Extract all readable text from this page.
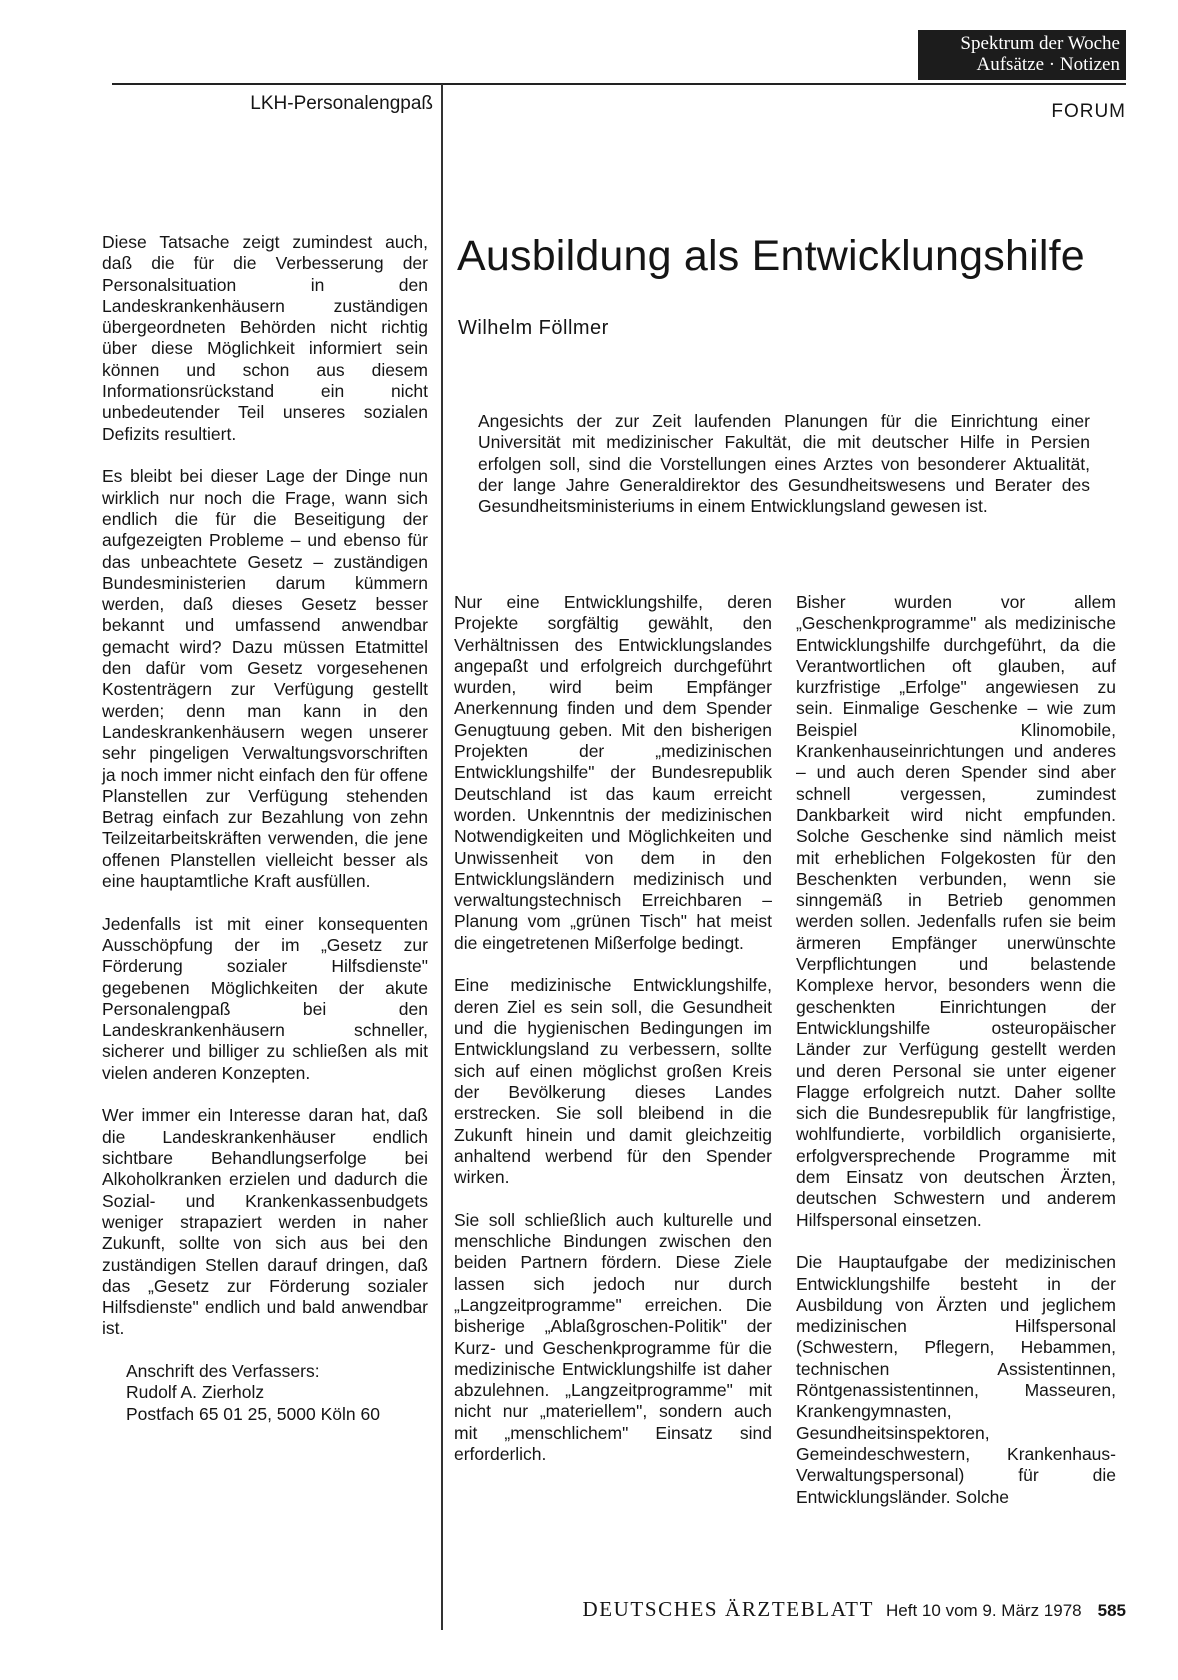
Spektrum der Woche
Aufsätze · Notizen
LKH-Personalengpaß	FORUM
Ausbildung als Entwicklungshilfe
Wilhelm Föllmer
Angesichts der zur Zeit laufenden Planungen für die Einrichtung einer Universität mit medizinischer Fakultät, die mit deutscher Hilfe in Persien erfolgen soll, sind die Vorstellungen eines Arztes von besonderer Aktualität, der lange Jahre Generaldirektor des Gesundheitswesens und Berater des Gesundheitsministeriums in einem Entwicklungsland gewesen ist.

Diese Tatsache zeigt zumindest auch, daß die für die Verbesserung der Personalsituation in den Landeskrankenhäusern zuständigen übergeordneten Behörden nicht richtig über diese Möglichkeit informiert sein können und schon aus diesem Informationsrückstand ein nicht unbedeutender Teil unseres sozialen Defizits resultiert.

Es bleibt bei dieser Lage der Dinge nun wirklich nur noch die Frage, wann sich endlich die für die Beseitigung der aufgezeigten Probleme – und ebenso für das unbeachtete Gesetz – zuständigen Bundesministerien darum kümmern werden, daß dieses Gesetz besser bekannt und umfassend anwendbar gemacht wird? Dazu müssen Etatmittel den dafür vom Gesetz vorgesehenen Kostenträgern zur Verfügung gestellt werden; denn man kann in den Landeskrankenhäusern wegen unserer sehr pingeligen Verwaltungsvorschriften ja noch immer nicht einfach den für offene Planstellen zur Verfügung stehenden Betrag einfach zur Bezahlung von zehn Teilzeitarbeitskräften verwenden, die jene offenen Planstellen vielleicht besser als eine hauptamtliche Kraft ausfüllen.

Jedenfalls ist mit einer konsequenten Ausschöpfung der im „Gesetz zur Förderung sozialer Hilfsdienste" gegebenen Möglichkeiten der akute Personalengpaß bei den Landeskrankenhäusern schneller, sicherer und billiger zu schließen als mit vielen anderen Konzepten.

Wer immer ein Interesse daran hat, daß die Landeskrankenhäuser endlich sichtbare Behandlungserfolge bei Alkoholkranken erzielen und dadurch die Sozial- und Krankenkassenbudgets weniger strapaziert werden in naher Zukunft, sollte von sich aus bei den zuständigen Stellen darauf dringen, daß das „Gesetz zur Förderung sozialer Hilfsdienste" endlich und bald anwendbar ist.

Anschrift des Verfassers:
Rudolf A. Zierholz
Postfach 65 01 25, 5000 Köln 60

Nur eine Entwicklungshilfe, deren Projekte sorgfältig gewählt, den Verhältnissen des Entwicklungslandes angepaßt und erfolgreich durchgeführt wurden, wird beim Empfänger Anerkennung finden und dem Spender Genugtuung geben. Mit den bisherigen Projekten der „medizinischen Entwicklungshilfe" der Bundesrepublik Deutschland ist das kaum erreicht worden. Unkenntnis der medizinischen Notwendigkeiten und Möglichkeiten und Unwissenheit von dem in den Entwicklungsländern medizinisch und verwaltungstechnisch Erreichbaren – Planung vom „grünen Tisch" hat meist die eingetretenen Mißerfolge bedingt.

Eine medizinische Entwicklungshilfe, deren Ziel es sein soll, die Gesundheit und die hygienischen Bedingungen im Entwicklungsland zu verbessern, sollte sich auf einen möglichst großen Kreis der Bevölkerung dieses Landes erstrecken. Sie soll bleibend in die Zukunft hinein und damit gleichzeitig anhaltend werbend für den Spender wirken.

Sie soll schließlich auch kulturelle und menschliche Bindungen zwischen den beiden Partnern fördern. Diese Ziele lassen sich jedoch nur durch „Langzeitprogramme" erreichen. Die bisherige „Ablaßgroschen-Politik" der Kurz- und Geschenkprogramme für die medizinische Entwicklungshilfe ist daher abzulehnen. „Langzeitprogramme" mit nicht nur „materiellem", sondern auch mit „menschlichem" Einsatz sind erforderlich.

Bisher wurden vor allem „Geschenkprogramme" als medizinische Entwicklungshilfe durchgeführt, da die Verantwortlichen oft glauben, auf kurzfristige „Erfolge" angewiesen zu sein. Einmalige Geschenke – wie zum Beispiel Klinomobile, Krankenhauseinrichtungen und anderes – und auch deren Spender sind aber schnell vergessen, zumindest Dankbarkeit wird nicht empfunden. Solche Geschenke sind nämlich meist mit erheblichen Folgekosten für den Beschenkten verbunden, wenn sie sinngemäß in Betrieb genommen werden sollen. Jedenfalls rufen sie beim ärmeren Empfänger unerwünschte Verpflichtungen und belastende Komplexe hervor, besonders wenn die geschenkten Einrichtungen der Entwicklungshilfe osteuropäischer Länder zur Verfügung gestellt werden und deren Personal sie unter eigener Flagge erfolgreich nutzt. Daher sollte sich die Bundesrepublik für langfristige, wohlfundierte, vorbildlich organisierte, erfolgversprechende Programme mit dem Einsatz von deutschen Ärzten, deutschen Schwestern und anderem Hilfspersonal einsetzen.

Die Hauptaufgabe der medizinischen Entwicklungshilfe besteht in der Ausbildung von Ärzten und jeglichem medizinischen Hilfspersonal (Schwestern, Pflegern, Hebammen, technischen Assistentinnen, Röntgenassistentinnen, Masseuren, Krankengymnasten, Gesundheitsinspektoren, Gemeindeschwestern, Krankenhaus-Verwaltungspersonal) für die Entwicklungsländer. Solche

DEUTSCHES ÄRZTEBLATT Heft 10 vom 9. März 1978 585
